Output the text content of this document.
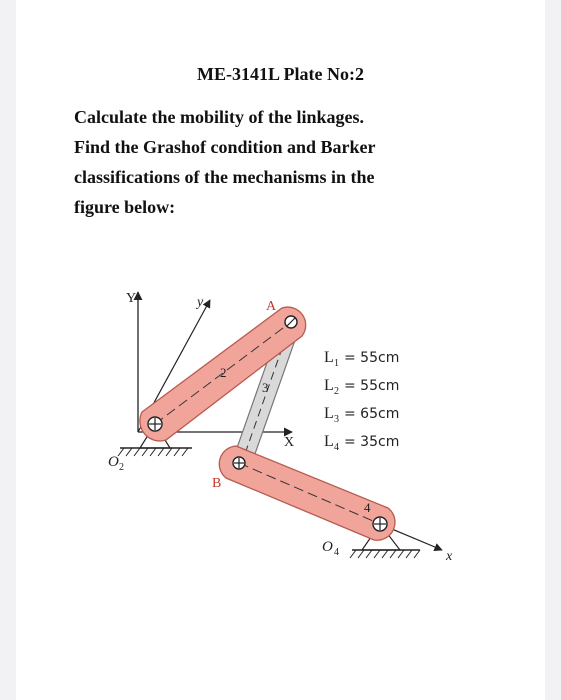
ME-3141L Plate No:2
Calculate the mobility of the linkages.
Find the Grashof condition and Barker
classifications of the mechanisms in the
figure below:
Y	y
X
x
A
B
O 2
O 4
2
3
4
L 1 = 55cm
L 2 = 55cm
L 3 = 65cm
L 4 = 35cm
